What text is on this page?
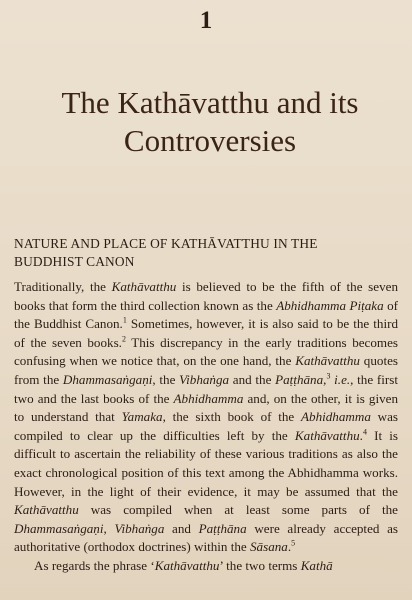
1
The Kathāvatthu and its
Controversies
NATURE AND PLACE OF KATHĀVATTHU IN THE
BUDDHIST CANON

Traditionally, the Kathāvatthu is believed to be the fifth of the seven books that form the third collection known as the Abhidhamma Piṭaka of the Buddhist Canon.$^1$ Sometimes, however, it is also said to be the third of the seven books.$^2$ This discrepancy in the early traditions becomes confusing when we notice that, on the one hand, the Kathāvatthu quotes from the Dhammasaṅgaṇi, the Vibhaṅga and the Paṭṭhāna,$^3$ i.e., the first two and the last books of the Abhidhamma and, on the other, it is given to understand that Yamaka, the sixth book of the Abhidhamma was compiled to clear up the difficulties left by the Kathāvatthu.$^4$ It is difficult to ascertain the reliability of these various traditions as also the exact chronological position of this text among the Abhidhamma works. However, in the light of their evidence, it may be assumed that the Kathāvatthu was compiled when at least some parts of the Dhammasaṅgaṇi, Vibhaṅga and Paṭṭhāna were already accepted as authoritative (orthodox doctrines) within the Sāsana.$^5$

As regards the phrase ‘Kathāvatthu’ the two terms Kathā
